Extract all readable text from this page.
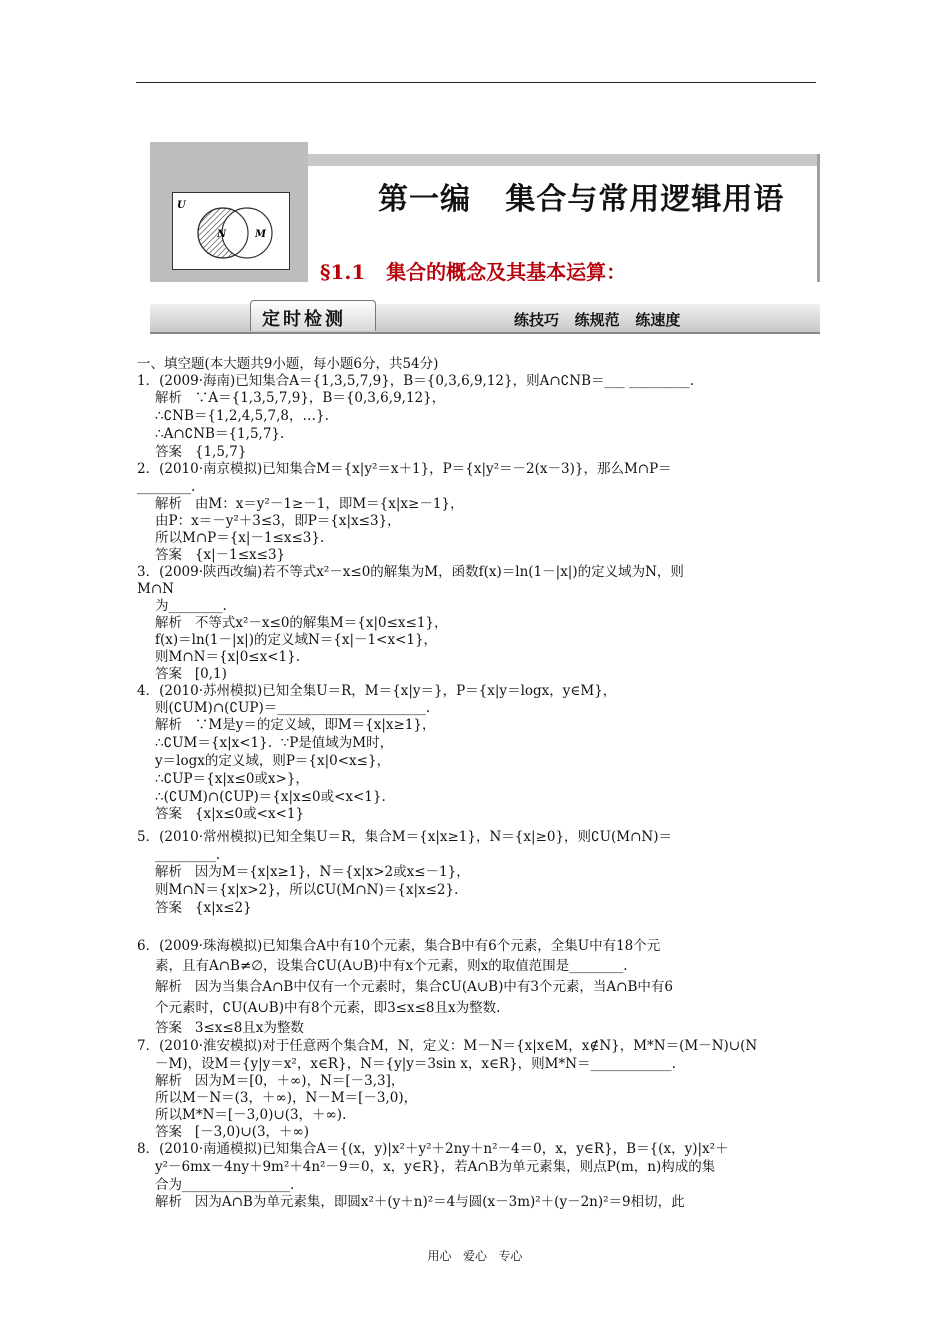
U
N	M
第一编   集合与常用逻辑用语
§1.1   集合的概念及其基本运算：
定时检测	练技巧   练规范   练速度
一、填空题(本大题共9小题，每小题6分，共54分)
1．(2009·海南)已知集合A＝{1,3,5,7,9}，B＝{0,3,6,9,12}，则A∩∁NB＝___ _________.
解析   ∵A＝{1,3,5,7,9}，B＝{0,3,6,9,12}，
∴∁NB＝{1,2,4,5,7,8，…}.
∴A∩∁NB＝{1,5,7}.
答案   {1,5,7}
2．(2010·南京模拟)已知集合M＝{x|y²＝x＋1}，P＝{x|y²＝－2(x－3)}，那么M∩P＝
________.
解析   由M：x＝y²－1≥－1，即M＝{x|x≥－1}，
由P：x＝－y²＋3≤3，即P＝{x|x≤3}，
所以M∩P＝{x|－1≤x≤3}.
答案   {x|－1≤x≤3}
3．(2009·陕西改编)若不等式x²－x≤0的解集为M，函数f(x)＝ln(1－|x|)的定义域为N，则
M∩N
为________.
解析   不等式x²－x≤0的解集M＝{x|0≤x≤1}，
f(x)＝ln(1－|x|)的定义域N＝{x|－1<x<1}，
则M∩N＝{x|0≤x<1}.
答案   [0,1)
4．(2010·苏州模拟)已知全集U＝R，M＝{x|y＝}，P＝{x|y＝logx，y∈M}，
则(∁UM)∩(∁UP)＝______________________.
解析   ∵M是y＝的定义域，即M＝{x|x≥1}，
∴∁UM＝{x|x<1}.  ∵P是值域为M时，
y＝logx的定义域，则P＝{x|0<x≤}，
∴∁UP＝{x|x≤0或x>}，
∴(∁UM)∩(∁UP)＝{x|x≤0或<x<1}.
答案   {x|x≤0或<x<1}
5．(2010·常州模拟)已知全集U＝R，集合M＝{x|x≥1}，N＝{x|≥0}，则∁U(M∩N)＝
_________.
解析   因为M＝{x|x≥1}，N＝{x|x>2或x≤－1}，
则M∩N＝{x|x>2}，所以∁U(M∩N)＝{x|x≤2}.
答案   {x|x≤2}
6．(2009·珠海模拟)已知集合A中有10个元素，集合B中有6个元素，全集U中有18个元
素，且有A∩B≠∅，设集合∁U(A∪B)中有x个元素，则x的取值范围是________.
解析   因为当集合A∩B中仅有一个元素时，集合∁U(A∪B)中有3个元素，当A∩B中有6
个元素时，∁U(A∪B)中有8个元素，即3≤x≤8且x为整数.
答案   3≤x≤8且x为整数
7．(2010·淮安模拟)对于任意两个集合M，N，定义：M－N＝{x|x∈M，x∉N}，M*N＝(M－N)∪(N
－M)，设M＝{y|y＝x²，x∈R}，N＝{y|y＝3sin x，x∈R}，则M*N＝____________.
解析   因为M＝[0，＋∞)，N＝[－3,3]，
所以M－N＝(3，＋∞)，N－M＝[－3,0)，
所以M*N＝[－3,0)∪(3，＋∞).
答案   [－3,0)∪(3，＋∞)
8．(2010·南通模拟)已知集合A＝{(x，y)|x²＋y²＋2ny＋n²－4＝0，x，y∈R}，B＝{(x，y)|x²＋
y²－6mx－4ny＋9m²＋4n²－9＝0，x，y∈R}，若A∩B为单元素集，则点P(m，n)构成的集
合为________________.
解析   因为A∩B为单元素集，即圆x²＋(y＋n)²＝4与圆(x－3m)²＋(y－2n)²＝9相切，此
用心   爱心   专心
